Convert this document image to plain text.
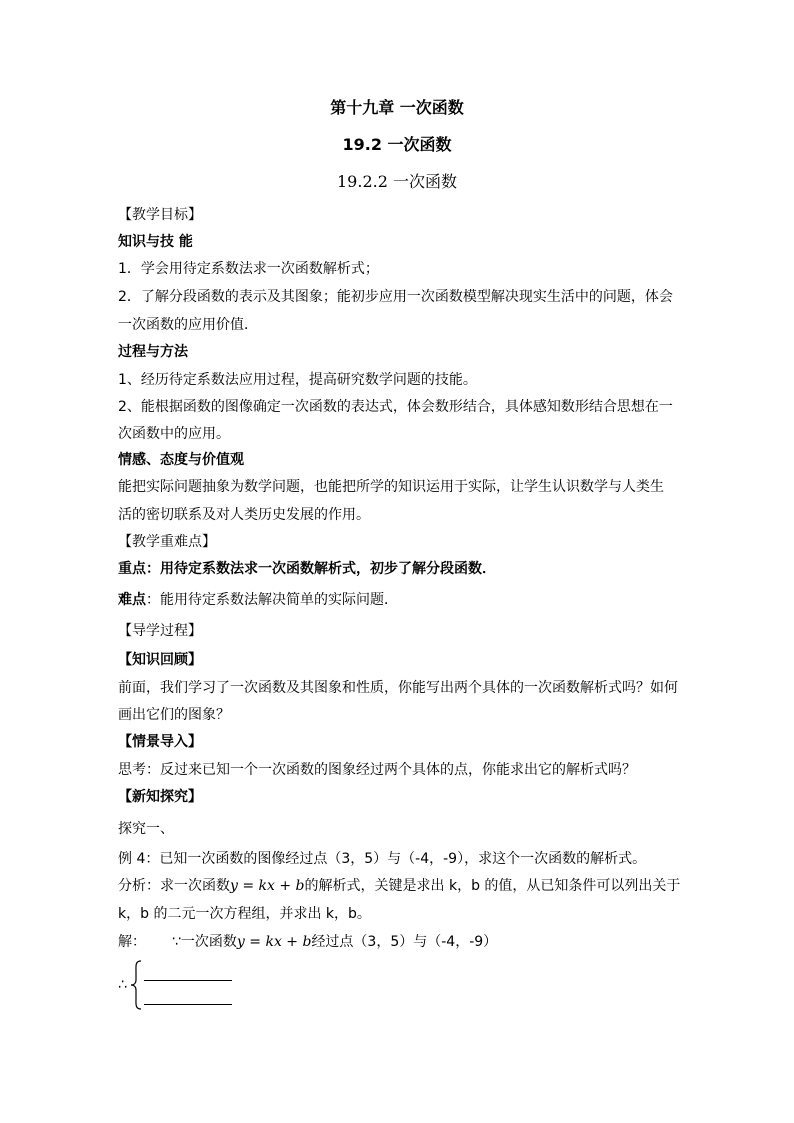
第十九章 一次函数
19.2 一次函数
19.2.2 一次函数
【教学目标】
知识与技 能
1．学会用待定系数法求一次函数解析式；
2．了解分段函数的表示及其图象；能初步应用一次函数模型解决现实生活中的问题，体会
一次函数的应用价值．
过程与方法
1、经历待定系数法应用过程，提高研究数学问题的技能。
2、能根据函数的图像确定一次函数的表达式，体会数形结合，具体感知数形结合思想在一
次函数中的应用。
情感、态度与价值观
能把实际问题抽象为数学问题，也能把所学的知识运用于实际，让学生认识数学与人类生
活的密切联系及对人类历史发展的作用。
【教学重难点】
重点：用待定系数法求一次函数解析式，初步了解分段函数．
难点：能用待定系数法解决简单的实际问题．
【导学过程】
【知识回顾】
前面，我们学习了一次函数及其图象和性质，你能写出两个具体的一次函数解析式吗？如何
画出它们的图象？
【情景导入】
思考：反过来已知一个一次函数的图象经过两个具体的点，你能求出它的解析式吗？
【新知探究】
探究一、
例 4：已知一次函数的图像经过点（3，5）与（-4，-9），求这个一次函数的解析式。
分析：求一次函数y = kx + b的解析式，关键是求出 k，b 的值，从已知条件可以列出关于
k，b 的二元一次方程组，并求出 k，b。
解： ∵一次函数y = kx + b经过点（3，5）与（-4，-9）
∴
